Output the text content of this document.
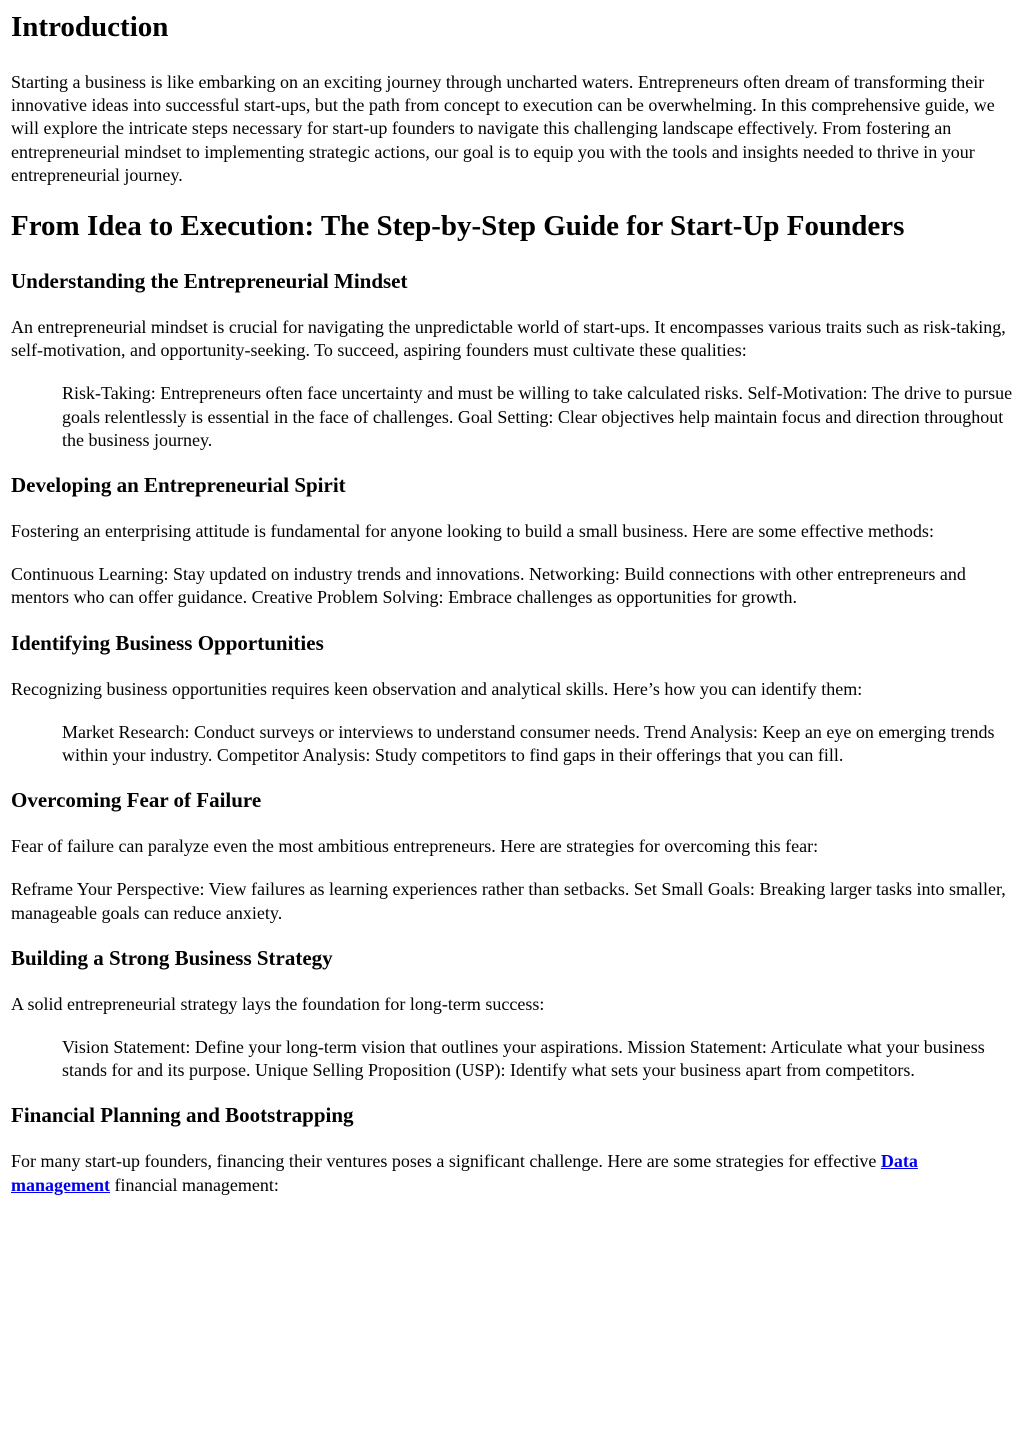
Introduction

Starting a business is like embarking on an exciting journey through uncharted waters. Entrepreneurs often dream of transforming their innovative ideas into successful start-ups, but the path from concept to execution can be overwhelming. In this comprehensive guide, we will explore the intricate steps necessary for start-up founders to navigate this challenging landscape effectively. From fostering an entrepreneurial mindset to implementing strategic actions, our goal is to equip you with the tools and insights needed to thrive in your entrepreneurial journey.

From Idea to Execution: The Step-by-Step Guide for Start-Up Founders
Understanding the Entrepreneurial Mindset

An entrepreneurial mindset is crucial for navigating the unpredictable world of start-ups. It encompasses various traits such as risk-taking, self-motivation, and opportunity-seeking. To succeed, aspiring founders must cultivate these qualities:

Risk-Taking: Entrepreneurs often face uncertainty and must be willing to take calculated risks. Self-Motivation: The drive to pursue goals relentlessly is essential in the face of challenges. Goal Setting: Clear objectives help maintain focus and direction throughout the business journey.

Developing an Entrepreneurial Spirit

Fostering an enterprising attitude is fundamental for anyone looking to build a small business. Here are some effective methods:

Continuous Learning: Stay updated on industry trends and innovations. Networking: Build connections with other entrepreneurs and mentors who can offer guidance. Creative Problem Solving: Embrace challenges as opportunities for growth.

Identifying Business Opportunities

Recognizing business opportunities requires keen observation and analytical skills. Here’s how you can identify them:

Market Research: Conduct surveys or interviews to understand consumer needs. Trend Analysis: Keep an eye on emerging trends within your industry. Competitor Analysis: Study competitors to find gaps in their offerings that you can fill.

Overcoming Fear of Failure

Fear of failure can paralyze even the most ambitious entrepreneurs. Here are strategies for overcoming this fear:

Reframe Your Perspective: View failures as learning experiences rather than setbacks. Set Small Goals: Breaking larger tasks into smaller, manageable goals can reduce anxiety.

Building a Strong Business Strategy

A solid entrepreneurial strategy lays the foundation for long-term success:

Vision Statement: Define your long-term vision that outlines your aspirations. Mission Statement: Articulate what your business stands for and its purpose. Unique Selling Proposition (USP): Identify what sets your business apart from competitors.

Financial Planning and Bootstrapping

For many start-up founders, financing their ventures poses a significant challenge. Here are some strategies for effective Data management financial management:
